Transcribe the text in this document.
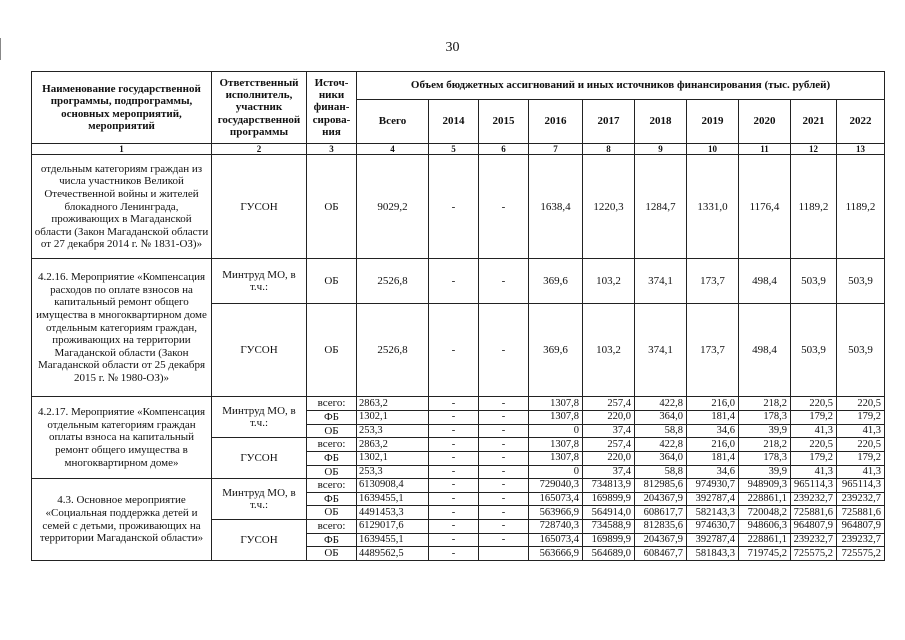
30
Наименование государственной программы, подпрограммы, основных мероприятий, мероприятий	Ответственный исполнитель, участник государственной программы	Источ-ники финан-сирова-ния	Объем бюджетных ассигнований и иных источников финансирования (тыс. рублей)									
			Всего	2014	2015	2016	2017	2018	2019	2020	2021	2022
1	2	3	4	5	6	7	8	9	10	11	12	13
отдельным категориям граждан из числа участников Великой Отечественной войны и жителей блокадного Ленинграда, проживающих в Магаданской области (Закон Магаданской области от 27 декабря 2014 г. № 1831-ОЗ)»	ГУСОН	ОБ	9029,2	-	-	1638,4	1220,3	1284,7	1331,0	1176,4	1189,2	1189,2
4.2.16. Мероприятие «Компенсация расходов по оплате взносов на капитальный ремонт общего имущества в многоквартирном доме отдельным категориям граждан, проживающих на территории Магаданской области (Закон Магаданской области от 25 декабря 2015 г. № 1980-ОЗ)»	Минтруд МО, в т.ч.:	ОБ	2526,8	-	-	369,6	103,2	374,1	173,7	498,4	503,9	503,9
	ГУСОН	ОБ	2526,8	-	-	369,6	103,2	374,1	173,7	498,4	503,9	503,9
4.2.17. Мероприятие «Компенсация отдельным категориям граждан оплаты взноса на капитальный ремонт общего имущества в многоквартирном доме»	Минтруд МО, в т.ч.:	всего:	2863,2	-	-	1307,8	257,4	422,8	216,0	218,2	220,5	220,5
		ФБ	1302,1	-	-	1307,8	220,0	364,0	181,4	178,3	179,2	179,2
		ОБ	253,3	-	-	0	37,4	58,8	34,6	39,9	41,3	41,3
	ГУСОН	всего:	2863,2	-	-	1307,8	257,4	422,8	216,0	218,2	220,5	220,5
		ФБ	1302,1	-	-	1307,8	220,0	364,0	181,4	178,3	179,2	179,2
		ОБ	253,3	-	-	0	37,4	58,8	34,6	39,9	41,3	41,3
4.3. Основное мероприятие «Социальная поддержка детей и семей с детьми, проживающих на территории Магаданской области»	Минтруд МО, в т.ч.:	всего:	6130908,4	-	-	729040,3	734813,9	812985,6	974930,7	948909,3	965114,3	965114,3
		ФБ	1639455,1	-	-	165073,4	169899,9	204367,9	392787,4	228861,1	239232,7	239232,7
		ОБ	4491453,3	-	-	563966,9	564914,0	608617,7	582143,3	720048,2	725881,6	725881,6
	ГУСОН	всего:	6129017,6	-	-	728740,3	734588,9	812835,6	974630,7	948606,3	964807,9	964807,9
		ФБ	1639455,1	-	-	165073,4	169899,9	204367,9	392787,4	228861,1	239232,7	239232,7
		ОБ	4489562,5	-		563666,9	564689,0	608467,7	581843,3	719745,2	725575,2	725575,2
